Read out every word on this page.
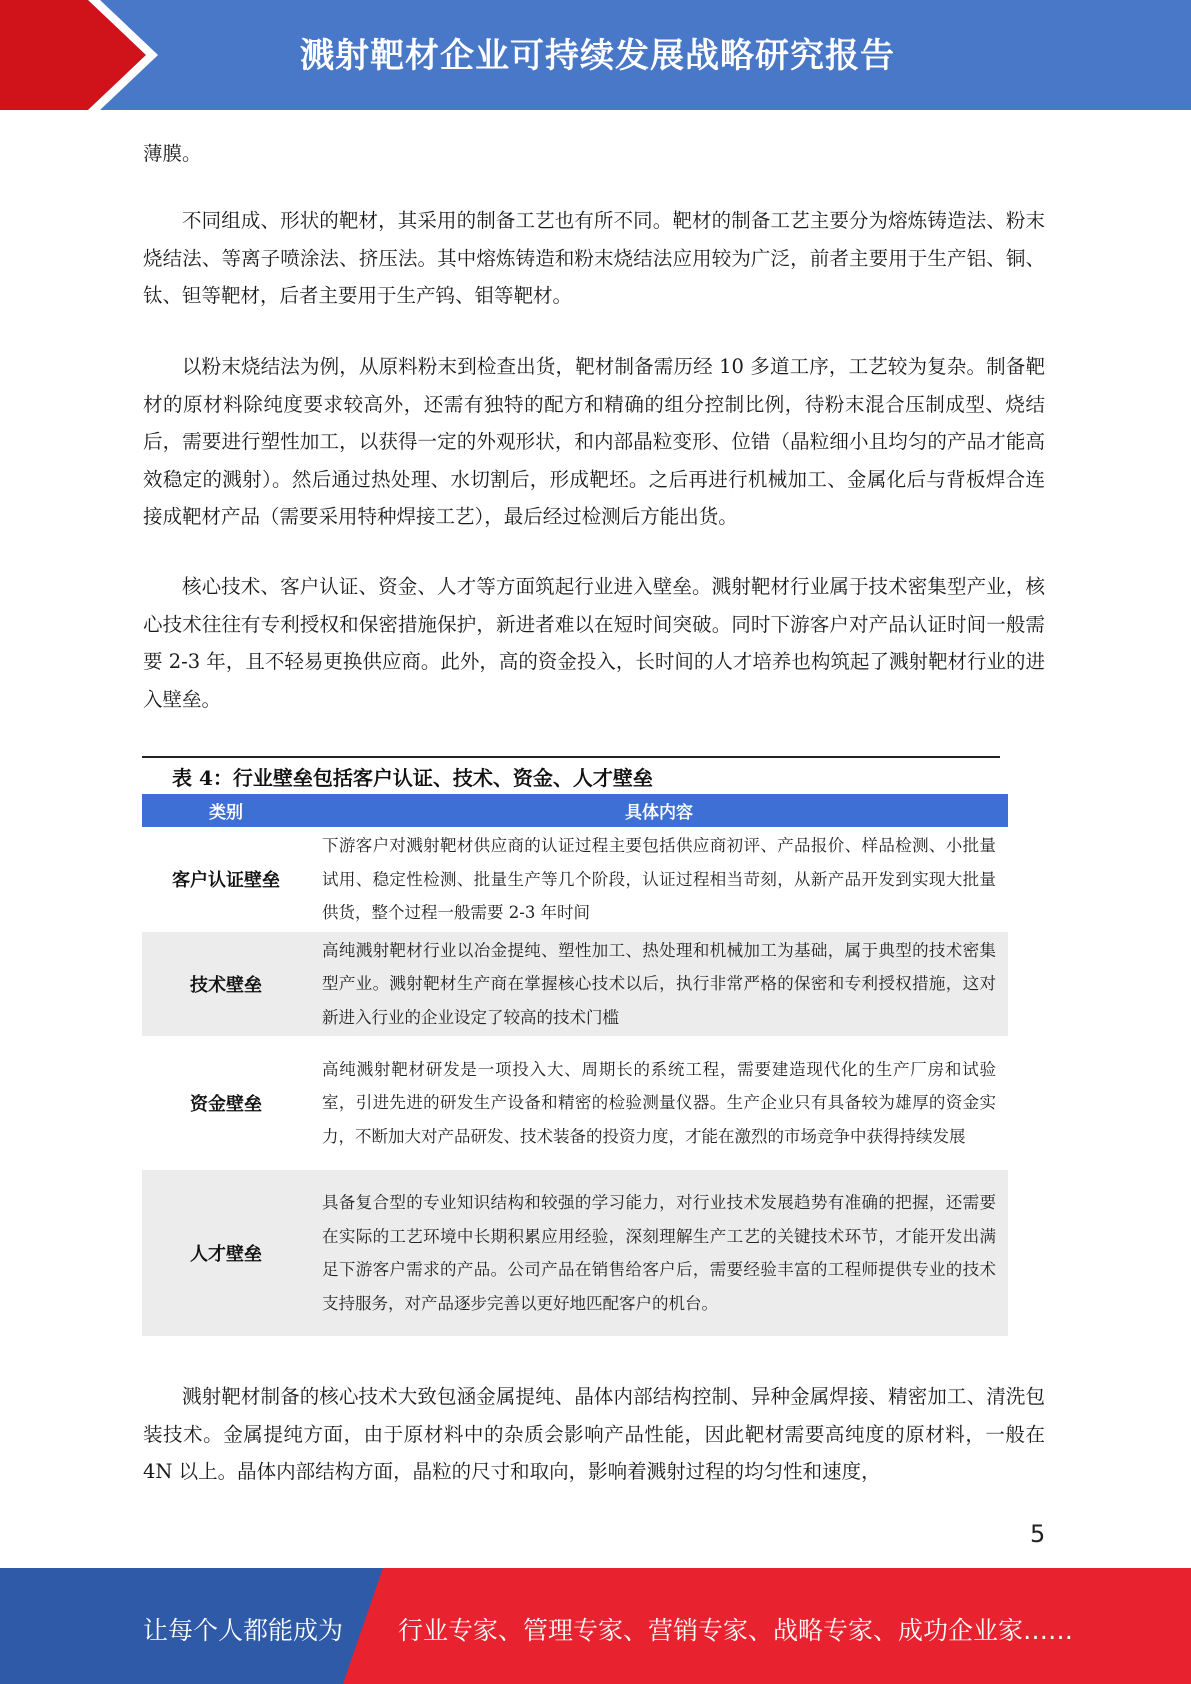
溅射靶材企业可持续发展战略研究报告

薄膜。

不同组成、形状的靶材，其采用的制备工艺也有所不同。靶材的制备工艺主要分为熔炼铸造法、粉末烧结法、等离子喷涂法、挤压法。其中熔炼铸造和粉末烧结法应用较为广泛，前者主要用于生产铝、铜、钛、钽等靶材，后者主要用于生产钨、钼等靶材。

以粉末烧结法为例，从原料粉末到检查出货，靶材制备需历经 10 多道工序，工艺较为复杂。制备靶材的原材料除纯度要求较高外，还需有独特的配方和精确的组分控制比例，待粉末混合压制成型、烧结后，需要进行塑性加工，以获得一定的外观形状，和内部晶粒变形、位错（晶粒细小且均匀的产品才能高效稳定的溅射）。然后通过热处理、水切割后，形成靶坯。之后再进行机械加工、金属化后与背板焊合连接成靶材产品（需要采用特种焊接工艺），最后经过检测后方能出货。

核心技术、客户认证、资金、人才等方面筑起行业进入壁垒。溅射靶材行业属于技术密集型产业，核心技术往往有专利授权和保密措施保护，新进者难以在短时间突破。同时下游客户对产品认证时间一般需要 2-3 年，且不轻易更换供应商。此外，高的资金投入，长时间的人才培养也构筑起了溅射靶材行业的进入壁垒。

表 4：行业壁垒包括客户认证、技术、资金、人才壁垒
类别	具体内容
客户认证壁垒	下游客户对溅射靶材供应商的认证过程主要包括供应商初评、产品报价、样品检测、小批量试用、稳定性检测、批量生产等几个阶段，认证过程相当苛刻，从新产品开发到实现大批量供货，整个过程一般需要 2-3 年时间
技术壁垒	高纯溅射靶材行业以冶金提纯、塑性加工、热处理和机械加工为基础，属于典型的技术密集型产业。溅射靶材生产商在掌握核心技术以后，执行非常严格的保密和专利授权措施，这对新进入行业的企业设定了较高的技术门槛
资金壁垒	高纯溅射靶材研发是一项投入大、周期长的系统工程，需要建造现代化的生产厂房和试验室，引进先进的研发生产设备和精密的检验测量仪器。生产企业只有具备较为雄厚的资金实力，不断加大对产品研发、技术装备的投资力度，才能在激烈的市场竞争中获得持续发展
人才壁垒	具备复合型的专业知识结构和较强的学习能力，对行业技术发展趋势有准确的把握，还需要在实际的工艺环境中长期积累应用经验，深刻理解生产工艺的关键技术环节，才能开发出满足下游客户需求的产品。公司产品在销售给客户后，需要经验丰富的工程师提供专业的技术支持服务，对产品逐步完善以更好地匹配客户的机台。

溅射靶材制备的核心技术大致包涵金属提纯、晶体内部结构控制、异种金属焊接、精密加工、清洗包装技术。金属提纯方面，由于原材料中的杂质会影响产品性能，因此靶材需要高纯度的原材料，一般在 4N 以上。晶体内部结构方面，晶粒的尺寸和取向，影响着溅射过程的均匀性和速度，

5
让每个人都能成为 行业专家、管理专家、营销专家、战略专家、成功企业家……
